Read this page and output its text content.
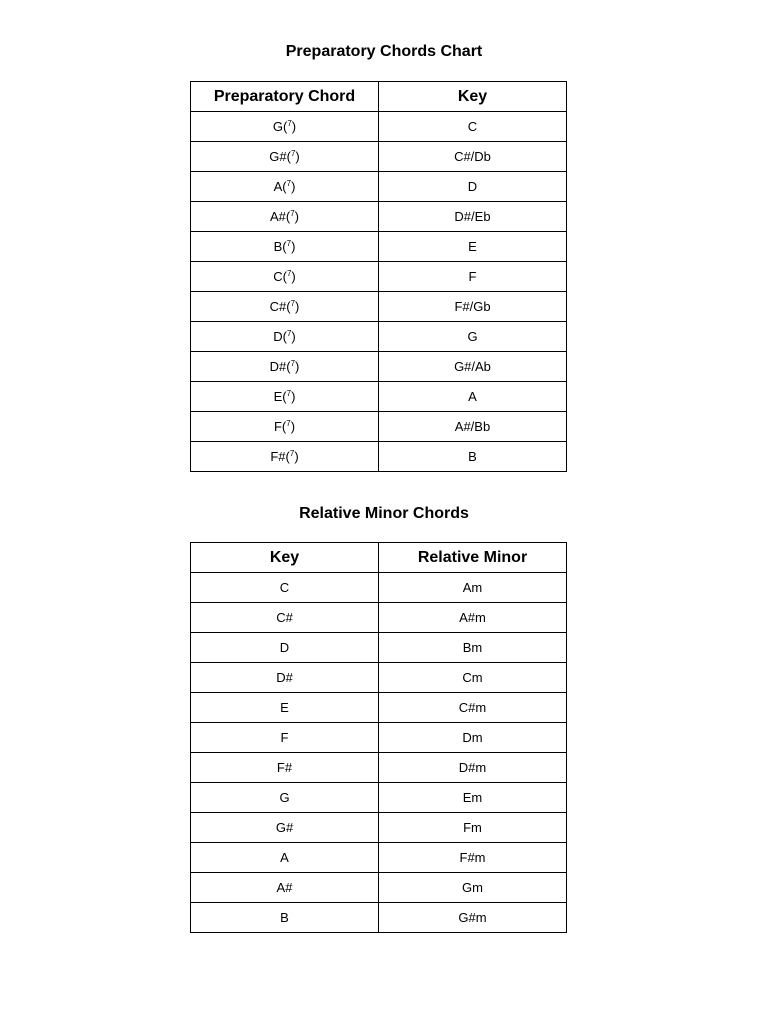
Preparatory Chords Chart
Preparatory Chord	Key
G($^7$)	C
G#($^7$)	C#/Db
A($^7$)	D
A#($^7$)	D#/Eb
B($^7$)	E
C($^7$)	F
C#($^7$)	F#/Gb
D($^7$)	G
D#($^7$)	G#/Ab
E($^7$)	A
F($^7$)	A#/Bb
F#($^7$)	B
Relative Minor Chords
Key	Relative Minor
C	Am
C#	A#m
D	Bm
D#	Cm
E	C#m
F	Dm
F#	D#m
G	Em
G#	Fm
A	F#m
A#	Gm
B	G#m
